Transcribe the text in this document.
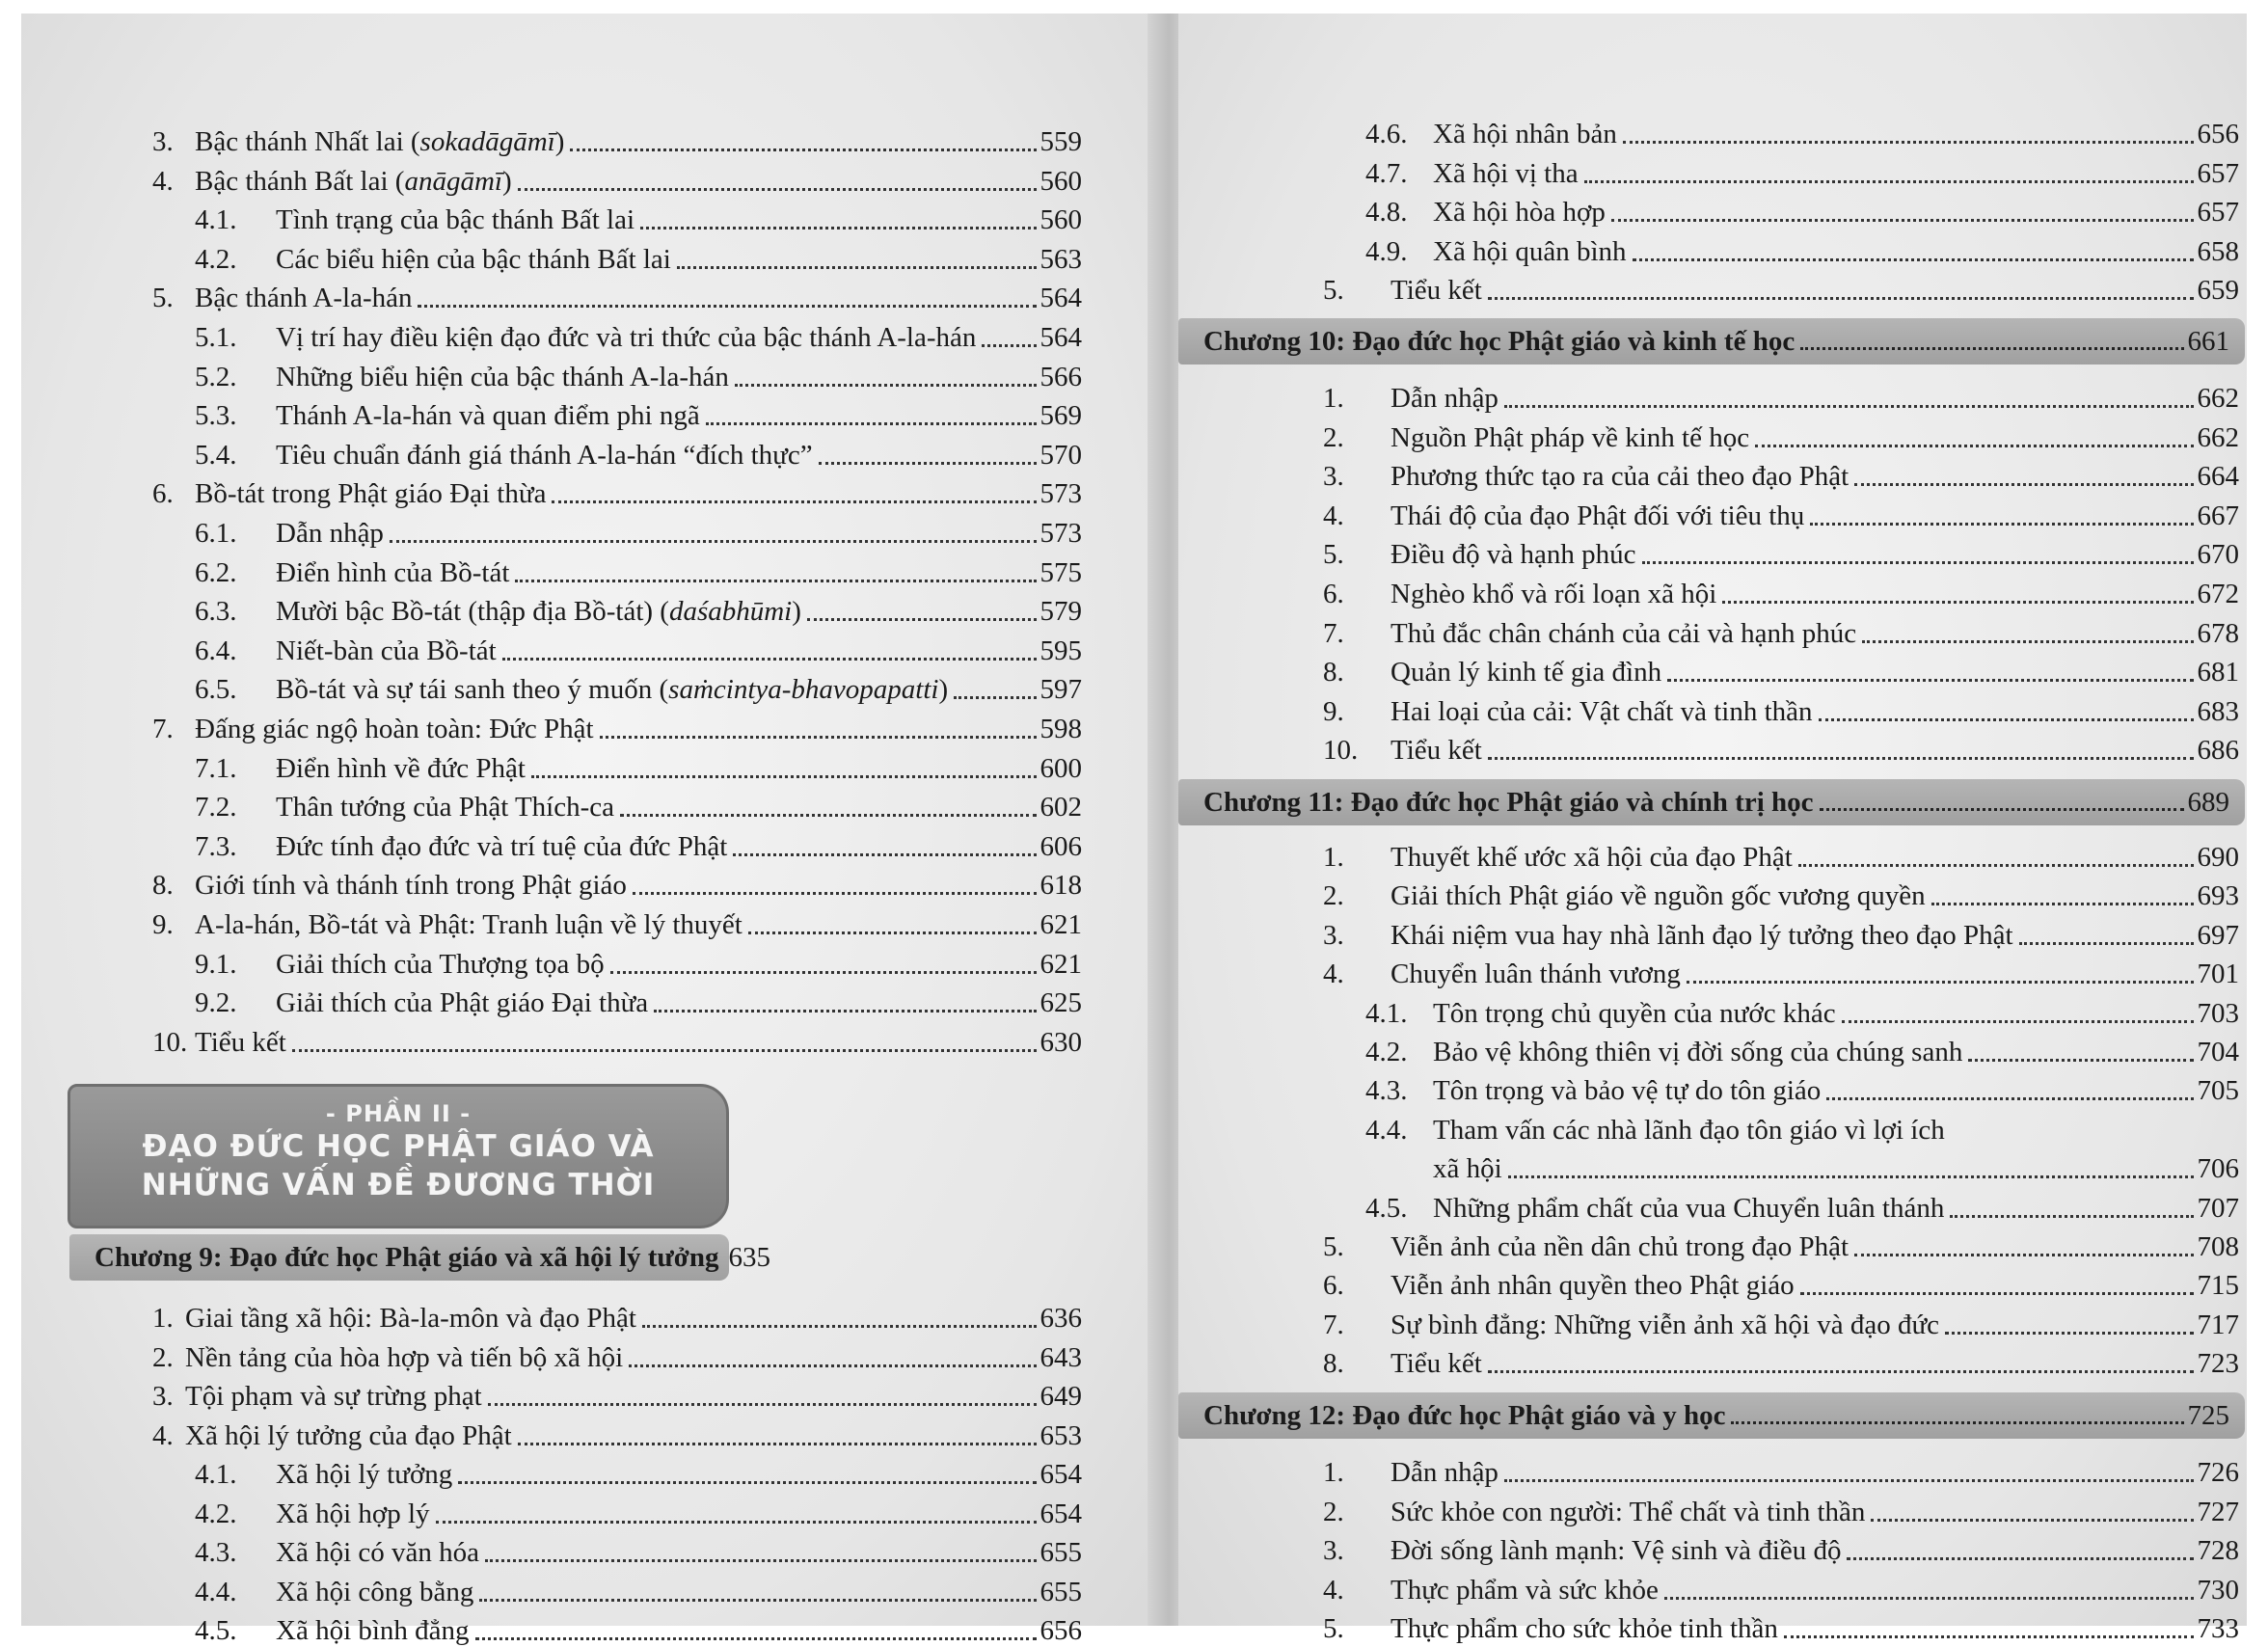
3. Bậc thánh Nhất lai (sokadāgāmī)	559
4. Bậc thánh Bất lai (anāgāmī)	560
4.1.	Tình trạng của bậc thánh Bất lai	560
4.2.	Các biểu hiện của bậc thánh Bất lai	563
5. Bậc thánh A-la-hán	564
5.1.	Vị trí hay điều kiện đạo đức và tri thức của bậc thánh A-la-hán 564
5.2.	Những biểu hiện của bậc thánh A-la-hán	566
5.3.	Thánh A-la-hán và quan điểm phi ngã	569
5.4.	Tiêu chuẩn đánh giá thánh A-la-hán “đích thực”	570
6. Bồ-tát trong Phật giáo Đại thừa	573
6.1.	Dẫn nhập	573
6.2.	Điển hình của Bồ-tát	575
6.3.	Mười bậc Bồ-tát (thập địa Bồ-tát) (daśabhūmi)	579
6.4.	Niết-bàn của Bồ-tát	595
6.5.	Bồ-tát và sự tái sanh theo ý muốn (saṁcintya-bhavopapatti)	597
7. Đấng giác ngộ hoàn toàn: Đức Phật	598
7.1.	Điển hình về đức Phật	600
7.2.	Thân tướng của Phật Thích-ca	602
7.3.	Đức tính đạo đức và trí tuệ của đức Phật	606
8. Giới tính và thánh tính trong Phật giáo	618
9. A-la-hán, Bồ-tát và Phật: Tranh luận về lý thuyết	621
9.1.	Giải thích của Thượng tọa bộ	621
9.2.	Giải thích của Phật giáo Đại thừa	625
10. Tiểu kết	630
- PHẦN II -
ĐẠO ĐỨC HỌC PHẬT GIÁO VÀ
NHỮNG VẤN ĐỀ ĐƯƠNG THỜI
Chương 9: Đạo đức học Phật giáo và xã hội lý tưởng 635
1. Giai tầng xã hội: Bà-la-môn và đạo Phật	636
2. Nền tảng của hòa hợp và tiến bộ xã hội	643
3. Tội phạm và sự trừng phạt	649
4. Xã hội lý tưởng của đạo Phật	653
4.1.	Xã hội lý tưởng	654
4.2.	Xã hội hợp lý	654
4.3.	Xã hội có văn hóa	655
4.4.	Xã hội công bằng	655
4.5.	Xã hội bình đẳng	656
4.6. Xã hội nhân bản	656
4.7. Xã hội vị tha	657
4.8. Xã hội hòa hợp	657
4.9. Xã hội quân bình	658
5.	Tiểu kết	659
Chương 10: Đạo đức học Phật giáo và kinh tế học	661
1.	Dẫn nhập	662
2.	Nguồn Phật pháp về kinh tế học	662
3.	Phương thức tạo ra của cải theo đạo Phật	664
4.	Thái độ của đạo Phật đối với tiêu thụ	667
5.	Điều độ và hạnh phúc	670
6.	Nghèo khổ và rối loạn xã hội	672
7.	Thủ đắc chân chánh của cải và hạnh phúc	678
8.	Quản lý kinh tế gia đình	681
9.	Hai loại của cải: Vật chất và tinh thần	683
10.	Tiểu kết	686
Chương 11: Đạo đức học Phật giáo và chính trị học	689
1.	Thuyết khế ước xã hội của đạo Phật	690
2.	Giải thích Phật giáo về nguồn gốc vương quyền	693
3.	Khái niệm vua hay nhà lãnh đạo lý tưởng theo đạo Phật	697
4.	Chuyển luân thánh vương	701
4.1. Tôn trọng chủ quyền của nước khác	703
4.2. Bảo vệ không thiên vị đời sống của chúng sanh	704
4.3. Tôn trọng và bảo vệ tự do tôn giáo	705
4.4. Tham vấn các nhà lãnh đạo tôn giáo vì lợi ích
xã hội	706
4.5. Những phẩm chất của vua Chuyển luân thánh	707
5.	Viễn ảnh của nền dân chủ trong đạo Phật	708
6.	Viễn ảnh nhân quyền theo Phật giáo	715
7.	Sự bình đẳng: Những viễn ảnh xã hội và đạo đức	717
8.	Tiểu kết	723
Chương 12: Đạo đức học Phật giáo và y học	725
1.	Dẫn nhập	726
2.	Sức khỏe con người: Thể chất và tinh thần	727
3.	Đời sống lành mạnh: Vệ sinh và điều độ	728
4.	Thực phẩm và sức khỏe	730
5.	Thực phẩm cho sức khỏe tinh thần	733
